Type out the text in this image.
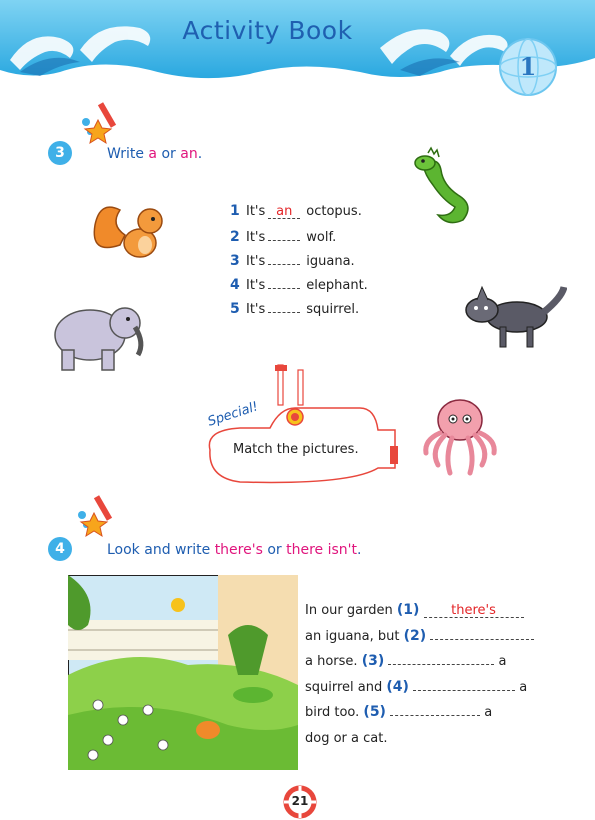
Activity Book
1
3	Write a or an.
1 It's an	octopus.
2 It's	wolf.
3 It's	iguana.
4 It's	elephant.
5 It's	squirrel.
Special!
Match the pictures.
4	Look and write there's or there isn't.
In our garden (1) there's
an iguana, but (2)
a horse. (3)	a
squirrel and (4)	a
bird too. (5)	a
dog or a cat.
21
